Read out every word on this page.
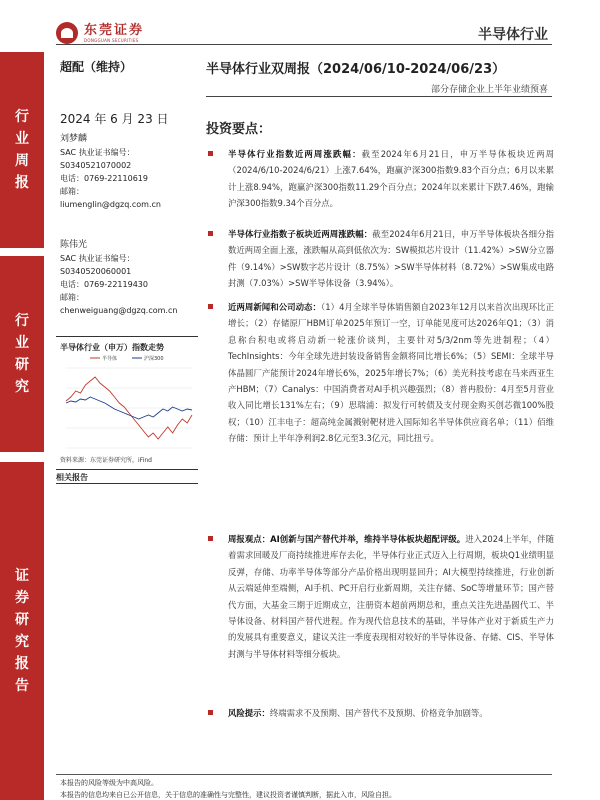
行
业
周
报
行
业
研
究
证
券
研
究
报
告
东莞证券
DONGGUAN SECURITIES	半导体行业
超配（维持）
2024 年 6 月 23 日
刘梦麟
SAC 执业证书编号：
S0340521070002
电话：0769-22110619
邮箱：
liumenglin@dgzq.com.cn
陈伟光
SAC 执业证书编号：
S0340520060001
电话：0769-22119430
邮箱：
chenweiguang@dgzq.com.cn
半导体行业（申万）指数走势
半导体	沪深300
资料来源：东莞证券研究所，iFind
相关报告
半导体行业双周报（2024/06/10-2024/06/23）
部分存储企业上半年业绩预喜
投资要点：
半导体行业指数近两周涨跌幅：截至2024年6月21日，申万半导体板块近两周（2024/6/10-2024/6/21）上涨7.64%，跑赢沪深300指数9.83个百分点；6月以来累计上涨8.94%，跑赢沪深300指数11.29个百分点；2024年以来累计下跌7.46%，跑输沪深300指数9.34个百分点。
半导体行业指数子板块近两周涨跌幅：截至2024年6月21日，申万半导体板块各细分指数近两周全面上涨，涨跌幅从高到低依次为：SW模拟芯片设计（11.42%）>SW分立器件（9.14%）>SW数字芯片设计（8.75%）>SW半导体材料（8.72%）>SW集成电路封测（7.03%）>SW半导体设备（3.94%）。
近两周新闻和公司动态：（1）4月全球半导体销售额自2023年12月以来首次出现环比正增长；（2）存储原厂HBM订单2025年预订一空，订单能见度可达2026年Q1；（3）消息称台积电或将启动新一轮涨价谈判，主要针对5/3/2nm等先进制程；（4）TechInsights：今年全球先进封装设备销售金额将同比增长6%；（5）SEMI：全球半导体晶圆厂产能预计2024年增长6%，2025年增长7%；（6）美光科技考虑在马来西亚生产HBM；（7）Canalys：中国消费者对AI手机兴趣强烈；（8）普冉股份：4月至5月营业收入同比增长131%左右；（9）思瑞浦：拟发行可转债及支付现金购买创芯微100%股权；（10）江丰电子：超高纯金属溅射靶材进入国际知名半导体供应商名单；（11）佰维存储：预计上半年净利润2.8亿元至3.3亿元，同比扭亏。
周报观点：AI创新与国产替代并举，维持半导体板块超配评级。进入2024上半年，伴随着需求回暖及厂商持续推进库存去化，半导体行业正式迈入上行周期，板块Q1业绩明显反弹，存储、功率半导体等部分产品价格出现明显回升；AI大模型持续推进，行业创新从云端延伸至端侧，AI手机、PC开启行业新周期，关注存储、SoC等增量环节；国产替代方面，大基金三期于近期成立，注册资本超前两期总和，重点关注先进晶圆代工、半导体设备、材料国产替代进程。作为现代信息技术的基础，半导体产业对于新质生产力的发展具有重要意义，建议关注一季度表现相对较好的半导体设备、存储、CIS、半导体封测与半导体材料等细分板块。
风险提示：终端需求不及预期、国产替代不及预期、价格竞争加剧等。
本报告的风险等级为中高风险。
本报告的信息均来自已公开信息，关于信息的准确性与完整性，建议投资者谨慎判断，据此入市，风险自担。
